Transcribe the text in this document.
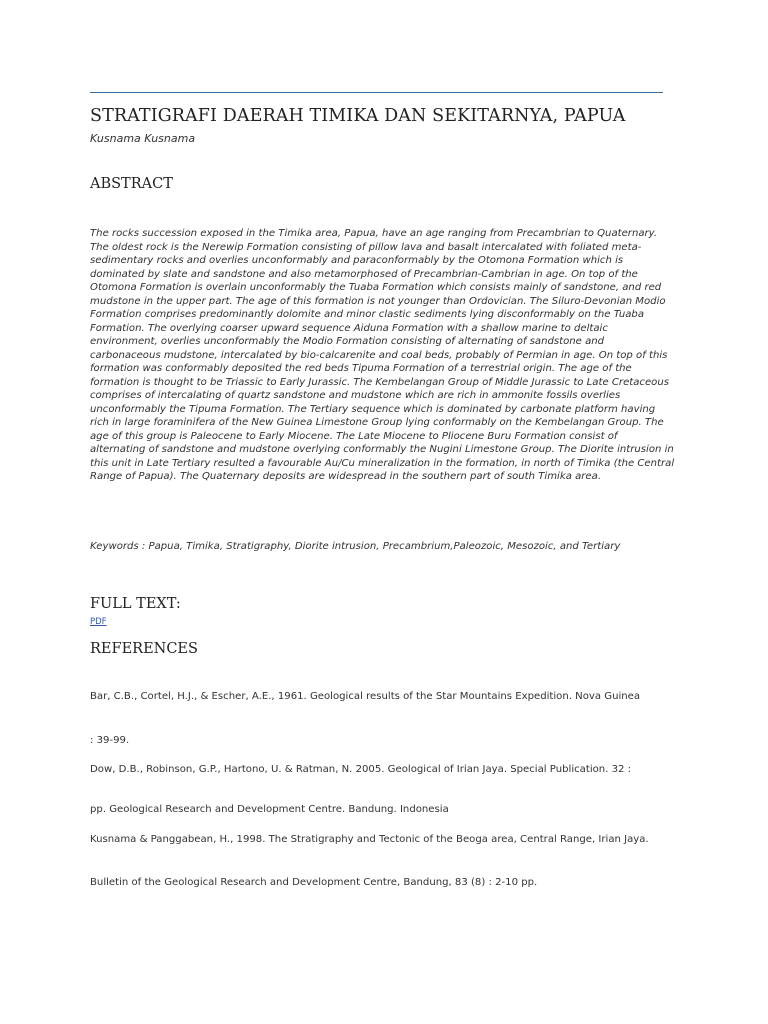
STRATIGRAFI DAERAH TIMIKA DAN SEKITARNYA, PAPUA
Kusnama Kusnama
ABSTRACT

The rocks succession exposed in the Timika area, Papua, have an age ranging from Precambrian to Quaternary. The oldest rock is the Nerewip Formation consisting of pillow lava and basalt intercalated with foliated meta-sedimentary rocks and overlies unconformably and paraconformably by the Otomona Formation which is dominated by slate and sandstone and also metamorphosed of Precambrian-Cambrian in age. On top of the Otomona Formation is overlain unconformably the Tuaba Formation which consists mainly of sandstone, and red mudstone in the upper part. The age of this formation is not younger than Ordovician. The Siluro-Devonian Modio Formation comprises predominantly dolomite and minor clastic sediments lying disconformably on the Tuaba Formation. The overlying coarser upward sequence Aiduna Formation with a shallow marine to deltaic environment, overlies unconformably the Modio Formation consisting of alternating of sandstone and carbonaceous mudstone, intercalated by bio-calcarenite and coal beds, probably of Permian in age. On top of this formation was conformably deposited the red beds Tipuma Formation of a terrestrial origin. The age of the formation is thought to be Triassic to Early Jurassic. The Kembelangan Group of Middle Jurassic to Late Cretaceous comprises of intercalating of quartz sandstone and mudstone which are rich in ammonite fossils overlies unconformably the Tipuma Formation. The Tertiary sequence which is dominated by carbonate platform having rich in large foraminifera of the New Guinea Limestone Group lying conformably on the Kembelangan Group. The age of this group is Paleocene to Early Miocene. The Late Miocene to Pliocene Buru Formation consist of alternating of sandstone and mudstone overlying conformably the Nugini Limestone Group. The Diorite intrusion in this unit in Late Tertiary resulted a favourable Au/Cu mineralization in the formation, in north of Timika (the Central Range of Papua). The Quaternary deposits are widespread in the southern part of south Timika area.

Keywords : Papua, Timika, Stratigraphy, Diorite intrusion, Precambrium,Paleozoic, Mesozoic, and Tertiary

FULL TEXT:
PDF
REFERENCES

Bar, C.B., Cortel, H.J., & Escher, A.E., 1961. Geological results of the Star Mountains Expedition. Nova Guinea

: 39-99.

Dow, D.B., Robinson, G.P., Hartono, U. & Ratman, N. 2005. Geological of Irian Jaya. Special Publication. 32 :

pp. Geological Research and Development Centre. Bandung. Indonesia

Kusnama & Panggabean, H., 1998. The Stratigraphy and Tectonic of the Beoga area, Central Range, Irian Jaya.

Bulletin of the Geological Research and Development Centre, Bandung, 83 (8) : 2-10 pp.
